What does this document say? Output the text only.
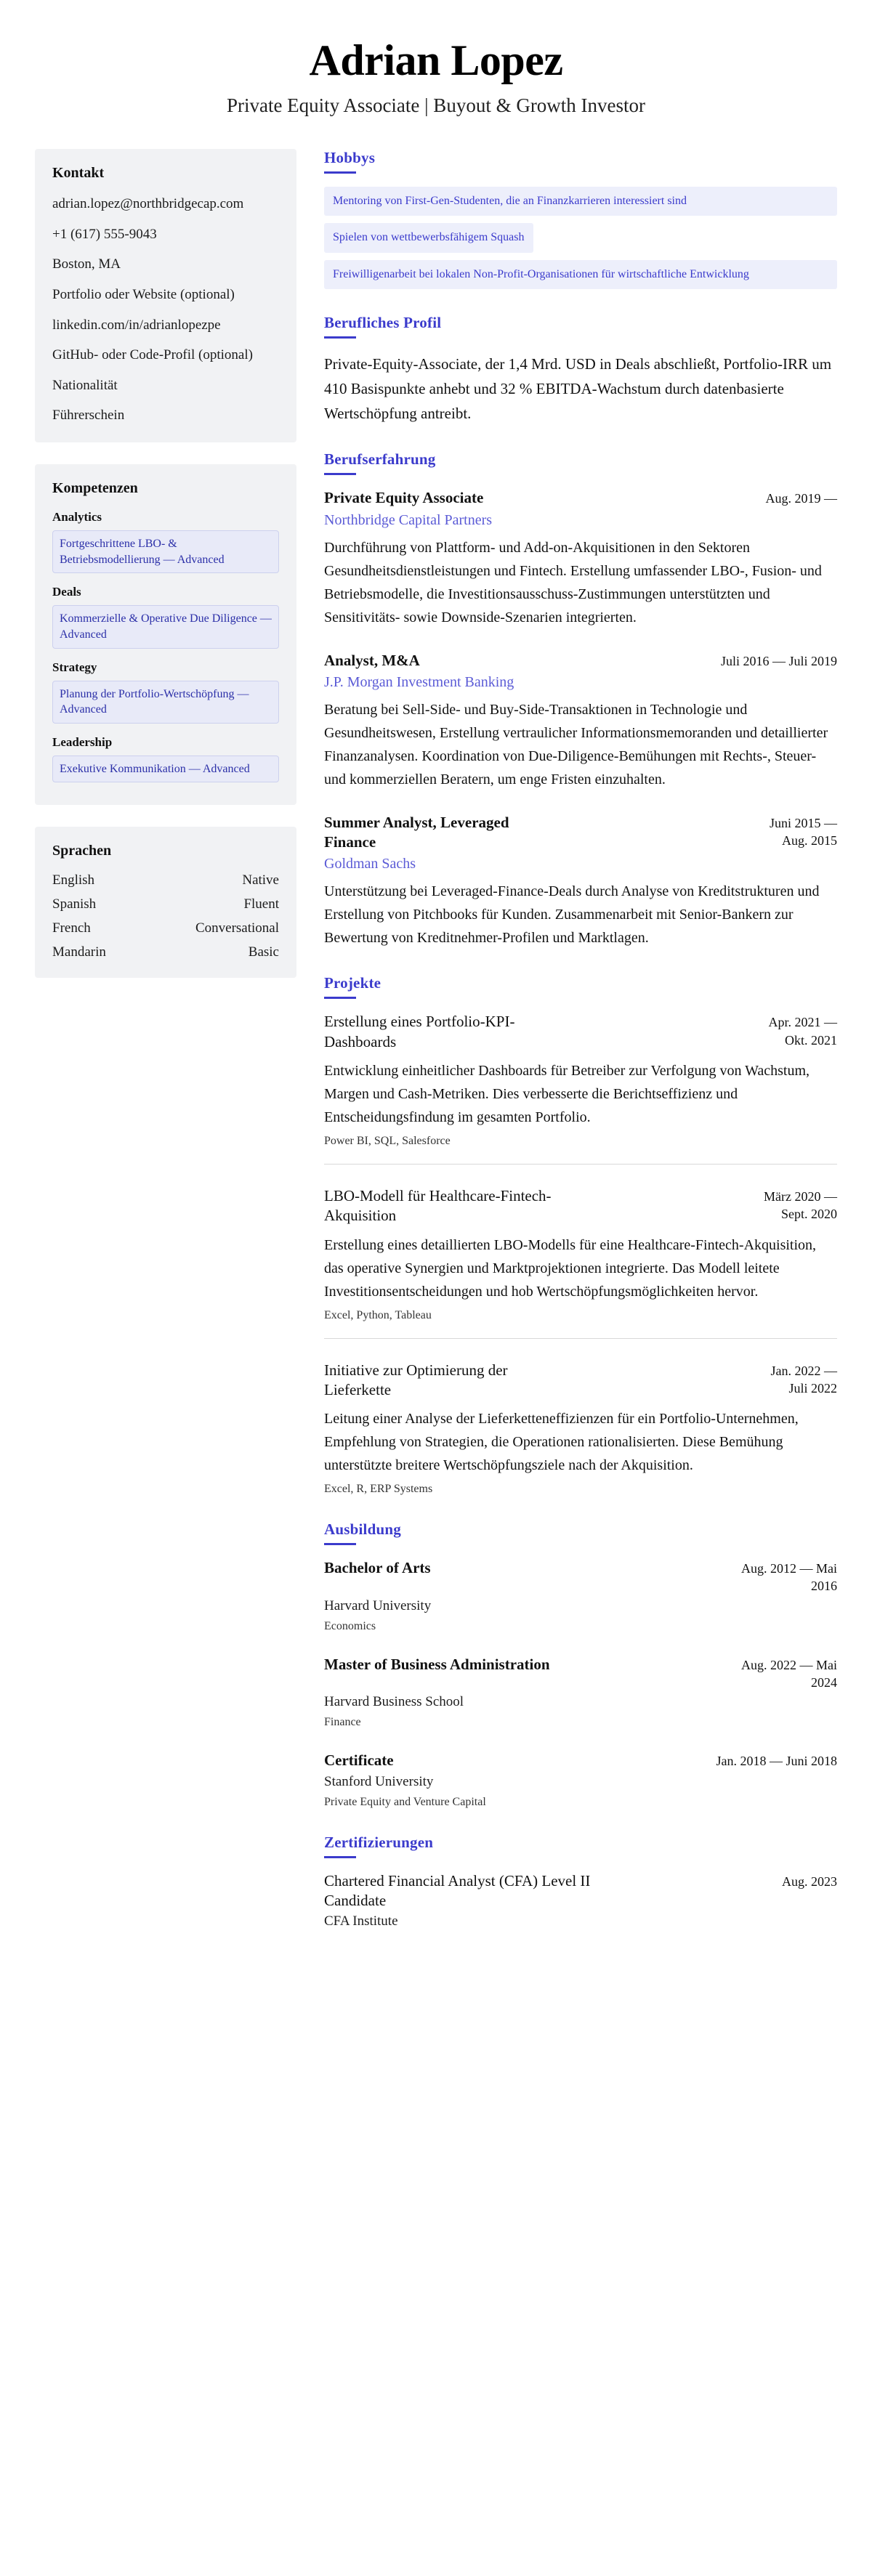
Adrian Lopez

Private Equity Associate | Buyout & Growth Investor

Kontakt
adrian.lopez@northbridgecap.com
+1 (617) 555-9043
Boston, MA
Portfolio oder Website (optional)
linkedin.com/in/adrianlopezpe
GitHub- oder Code-Profil (optional)
Nationalität
Führerschein
Kompetenzen
Analytics
Fortgeschrittene LBO- & Betriebsmodellierung — Advanced
Deals
Kommerzielle & Operative Due Diligence — Advanced
Strategy
Planung der Portfolio-Wertschöpfung — Advanced
Leadership
Exekutive Kommunikation — Advanced
Sprachen
English	Native
Spanish	Fluent
French	Conversational
Mandarin	Basic
Hobbys
Mentoring von First-Gen-Studenten, die an Finanzkarrieren interessiert sind
Spielen von wettbewerbsfähigem Squash
Freiwilligenarbeit bei lokalen Non-Profit-Organisationen für wirtschaftliche Entwicklung
Berufliches Profil

Private-Equity-Associate, der 1,4 Mrd. USD in Deals abschließt, Portfolio-IRR um 410 Basispunkte anhebt und 32 % EBITDA-Wachstum durch datenbasierte Wertschöpfung antreibt.

Berufserfahrung
Private Equity Associate	Aug. 2019 —
Northbridge Capital Partners
Durchführung von Plattform- und Add-on-Akquisitionen in den Sektoren Gesundheitsdienstleistungen und Fintech. Erstellung umfassender LBO-, Fusion- und Betriebsmodelle, die Investitionsausschuss-Zustimmungen unterstützten und Sensitivitäts- sowie Downside-Szenarien integrierten.
Analyst, M&A	Juli 2016 — Juli 2019
J.P. Morgan Investment Banking
Beratung bei Sell-Side- und Buy-Side-Transaktionen in Technologie und Gesundheitswesen, Erstellung vertraulicher Informationsmemoranden und detaillierter Finanzanalysen. Koordination von Due-Diligence-Bemühungen mit Rechts-, Steuer- und kommerziellen Beratern, um enge Fristen einzuhalten.
Summer Analyst, Leveraged Finance
Juni 2015 — Aug. 2015
Goldman Sachs
Unterstützung bei Leveraged-Finance-Deals durch Analyse von Kreditstrukturen und Erstellung von Pitchbooks für Kunden. Zusammenarbeit mit Senior-Bankern zur Bewertung von Kreditnehmer-Profilen und Marktlagen.
Projekte
Erstellung eines Portfolio-KPI-Dashboards
Apr. 2021 — Okt. 2021
Entwicklung einheitlicher Dashboards für Betreiber zur Verfolgung von Wachstum, Margen und Cash-Metriken. Dies verbesserte die Berichtseffizienz und Entscheidungsfindung im gesamten Portfolio.
Power BI, SQL, Salesforce
LBO-Modell für Healthcare-Fintech-Akquisition
März 2020 — Sept. 2020
Erstellung eines detaillierten LBO-Modells für eine Healthcare-Fintech-Akquisition, das operative Synergien und Marktprojektionen integrierte. Das Modell leitete Investitionsentscheidungen und hob Wertschöpfungsmöglichkeiten hervor.
Excel, Python, Tableau
Initiative zur Optimierung der Lieferkette
Jan. 2022 — Juli 2022
Leitung einer Analyse der Lieferketteneffizienzen für ein Portfolio-Unternehmen, Empfehlung von Strategien, die Operationen rationalisierten. Diese Bemühung unterstützte breitere Wertschöpfungsziele nach der Akquisition.
Excel, R, ERP Systems
Ausbildung
Bachelor of Arts	Aug. 2012 — Mai 2016
Harvard University
Economics
Master of Business Administration	Aug. 2022 — Mai 2024
Harvard Business School
Finance
Certificate	Jan. 2018 — Juni 2018
Stanford University
Private Equity and Venture Capital
Zertifizierungen
Chartered Financial Analyst (CFA) Level II Candidate
Aug. 2023
CFA Institute
